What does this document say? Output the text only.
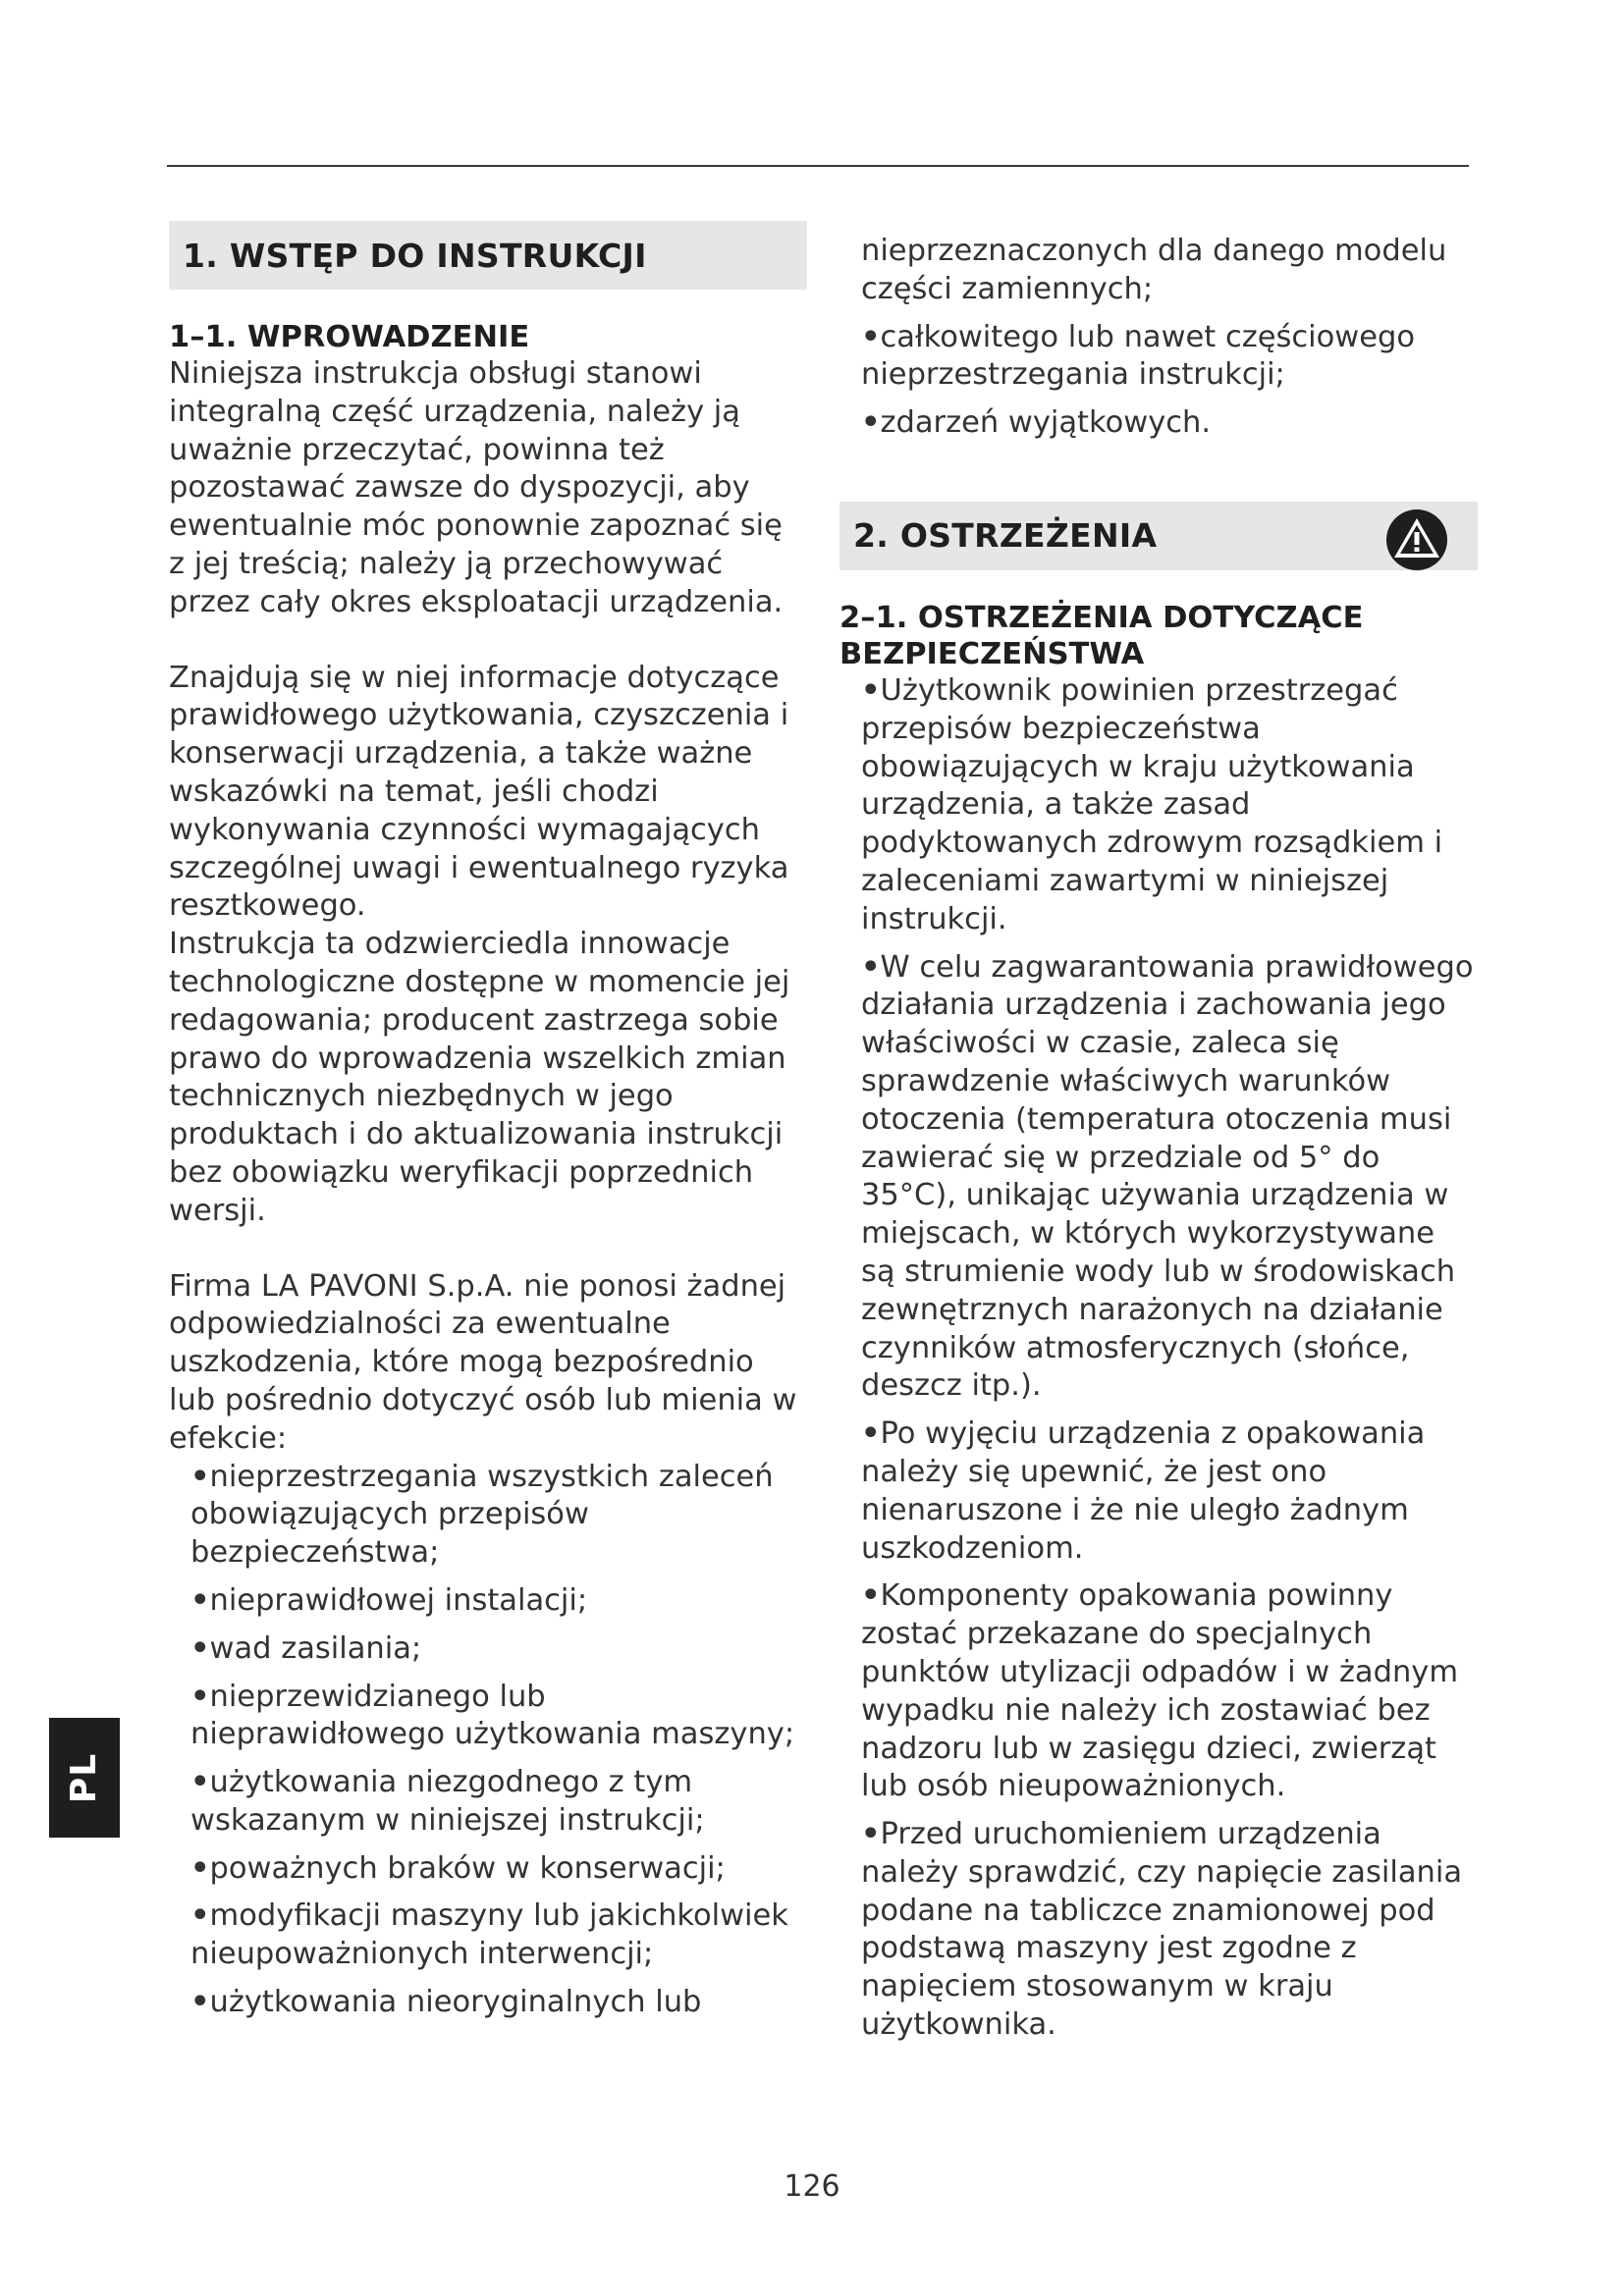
1. WSTĘP DO INSTRUKCJI
1–1. WPROWADZENIE

Niniejsza instrukcja obsługi stanowi integralną część urządzenia, należy ją uważnie przeczytać, powinna też pozostawać zawsze do dyspozycji, aby ewentualnie móc ponownie zapoznać się z jej treścią; należy ją przechowywać przez cały okres eksploatacji urządzenia.

Znajdują się w niej informacje dotyczące prawidłowego użytkowania, czyszczenia i konserwacji urządzenia, a także ważne wskazówki na temat, jeśli chodzi wykonywania czynności wymagających szczególnej uwagi i ewentualnego ryzyka resztkowego.

Instrukcja ta odzwierciedla innowacje technologiczne dostępne w momencie jej redagowania; producent zastrzega sobie prawo do wprowadzenia wszelkich zmian technicznych niezbędnych w jego produktach i do aktualizowania instrukcji bez obowiązku weryfikacji poprzednich wersji.

Firma LA PAVONI S.p.A. nie ponosi żadnej odpowiedzialności za ewentualne uszkodzenia, które mogą bezpośrednio lub pośrednio dotyczyć osób lub mienia w efekcie:

•nieprzestrzegania wszystkich zaleceń obowiązujących przepisów bezpieczeństwa;
•nieprawidłowej instalacji;
•wad zasilania;
•nieprzewidzianego lub nieprawidłowego użytkowania maszyny;
•użytkowania niezgodnego z tym wskazanym w niniejszej instrukcji;
•poważnych braków w konserwacji;
•modyfikacji maszyny lub jakichkolwiek nieupoważnionych interwencji;
•użytkowania nieoryginalnych lub

nieprzeznaczonych dla danego modelu części zamiennych;

•całkowitego lub nawet częściowego nieprzestrzegania instrukcji;
•zdarzeń wyjątkowych.
2. OSTRZEŻENIA
2–1. OSTRZEŻENIA DOTYCZĄCE
BEZPIECZEŃSTWA
•Użytkownik powinien przestrzegać przepisów bezpieczeństwa obowiązujących w kraju użytkowania urządzenia, a także zasad podyktowanych zdrowym rozsądkiem i zaleceniami zawartymi w niniejszej instrukcji.
•W celu zagwarantowania prawidłowego działania urządzenia i zachowania jego właściwości w czasie, zaleca się sprawdzenie właściwych warunków otoczenia (temperatura otoczenia musi zawierać się w przedziale od 5° do 35°C), unikając używania urządzenia w miejscach, w których wykorzystywane są strumienie wody lub w środowiskach zewnętrznych narażonych na działanie czynników atmosferycznych (słońce, deszcz itp.).
•Po wyjęciu urządzenia z opakowania należy się upewnić, że jest ono nienaruszone i że nie uległo żadnym uszkodzeniom.
•Komponenty opakowania powinny zostać przekazane do specjalnych punktów utylizacji odpadów i w żadnym wypadku nie należy ich zostawiać bez nadzoru lub w zasięgu dzieci, zwierząt lub osób nieupoważnionych.
•Przed uruchomieniem urządzenia należy sprawdzić, czy napięcie zasilania podane na tabliczce znamionowej pod podstawą maszyny jest zgodne z napięciem stosowanym w kraju użytkownika.
PL
126
